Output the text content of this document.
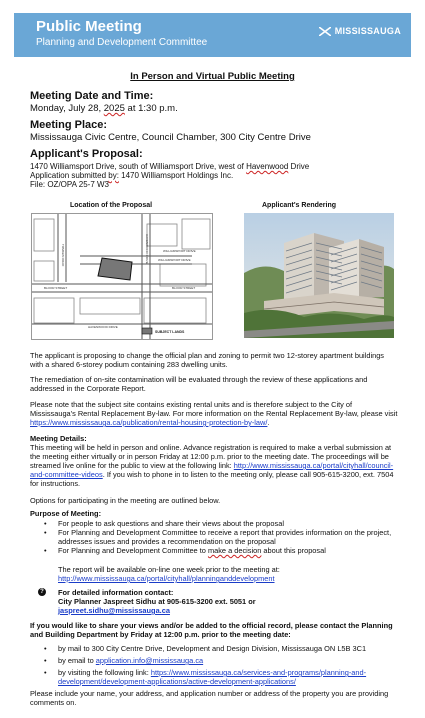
Public Meeting
Planning and Development Committee
MISSISSAUGA
In Person and Virtual Public Meeting
Meeting Date and Time:
Monday, July 28, 2025 at 1:30 p.m.
Meeting Place:
Mississauga Civic Centre, Council Chamber, 300 City Centre Drive
Applicant's Proposal:
1470 Williamsport Drive, south of Williamsport Drive, west of Havenwood Drive
Application submitted by: 1470 Williamsport Holdings Inc.
File: OZ/OPA 25-7 W3
Location of the Proposal	Applicant's Rendering
WILLIAMSPORT DRIVE
WILLIAMSPORT DRIVE
BLOOR STREET	BLOOR STREET
HAVENWOOD DRIVE
TOMKEN ROAD	HAVENWOOD DRIVE
SUBJECT LANDS
The applicant is proposing to change the official plan and zoning to permit two 12-storey apartment buildings with a shared 6-storey podium containing 283 dwelling units.
The remediation of on-site contamination will be evaluated through the review of these applications and addressed in the Corporate Report.
Please note that the subject site contains existing rental units and is therefore subject to the City of Mississauga's Rental Replacement By-law. For more information on the Rental Replacement By-law, please visit https://www.mississauga.ca/publication/rental-housing-protection-by-law/.
Meeting Details:
This meeting will be held in person and online. Advance registration is required to make a verbal submission at the meeting either virtually or in person Friday at 12:00 p.m. prior to the meeting date. The proceedings will be streamed live online for the public to view at the following link: http://www.mississauga.ca/portal/cityhall/council-and-committee-videos. If you wish to phone in to listen to the meeting only, please call 905-615-3200, ext. 7504 for instructions.
Options for participating in the meeting are outlined below.
Purpose of Meeting:
• For people to ask questions and share their views about the proposal
• For Planning and Development Committee to receive a report that provides information on the project, addresses issues and provides a recommendation on the proposal
• For Planning and Development Committee to make a decision about this proposal
The report will be available on-line one week prior to the meeting at:
http://www.mississauga.ca/portal/cityhall/planninganddevelopment
? For detailed information contact:
City Planner Jaspreet Sidhu at 905-615-3200 ext. 5051 or
jaspreet.sidhu@mississauga.ca
If you would like to share your views and/or be added to the official record, please contact the Planning and Building Department by Friday at 12:00 p.m. prior to the meeting date:
• by mail to 300 City Centre Drive, Development and Design Division, Mississauga ON L5B 3C1
• by email to application.info@mississauga.ca
• by visiting the following link: https://www.mississauga.ca/services-and-programs/planning-and-development/development-applications/active-development-applications/
Please include your name, your address, and application number or address of the property you are providing comments on.
